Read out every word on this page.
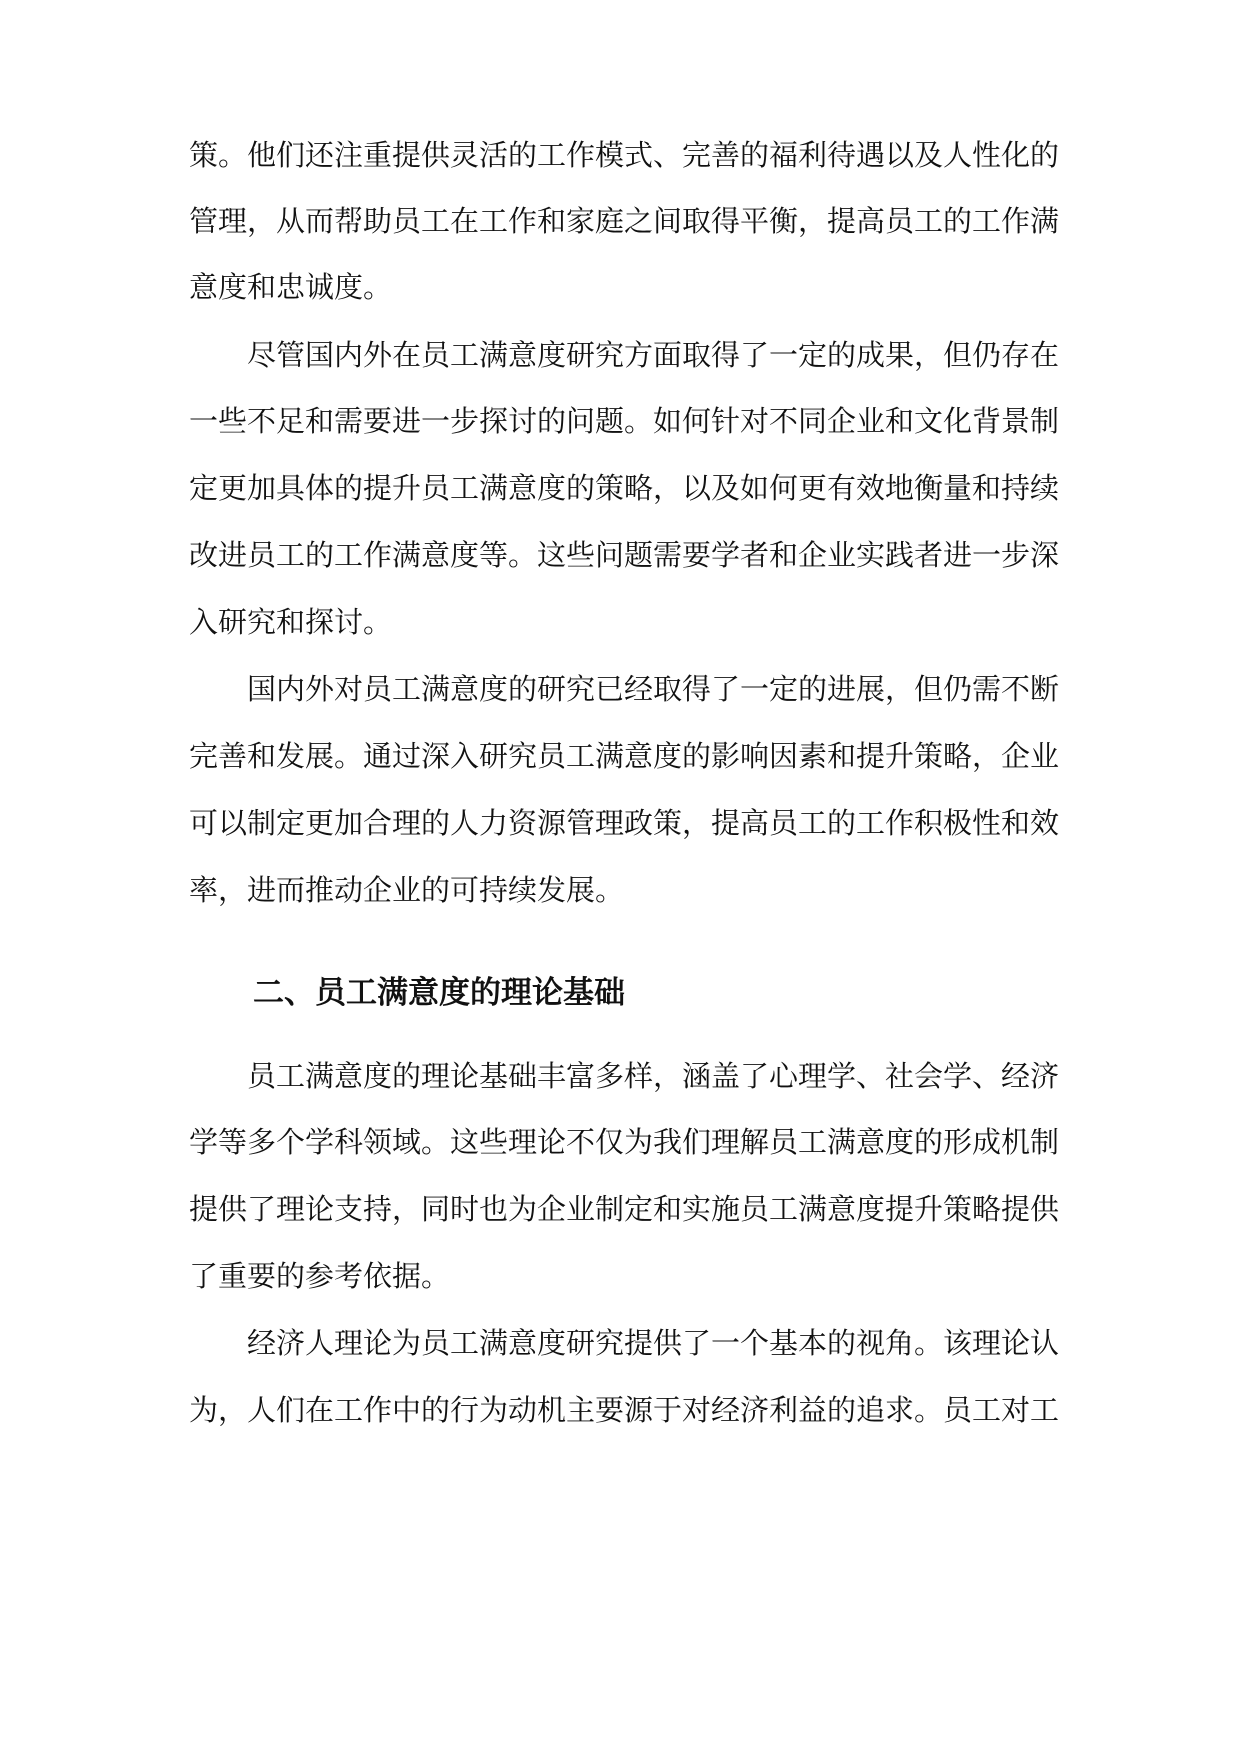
策。他们还注重提供灵活的工作模式、完善的福利待遇以及人性化的
管理，从而帮助员工在工作和家庭之间取得平衡，提高员工的工作满
意度和忠诚度。
尽管国内外在员工满意度研究方面取得了一定的成果，但仍存在
一些不足和需要进一步探讨的问题。如何针对不同企业和文化背景制
定更加具体的提升员工满意度的策略，以及如何更有效地衡量和持续
改进员工的工作满意度等。这些问题需要学者和企业实践者进一步深
入研究和探讨。
国内外对员工满意度的研究已经取得了一定的进展，但仍需不断
完善和发展。通过深入研究员工满意度的影响因素和提升策略，企业
可以制定更加合理的人力资源管理政策，提高员工的工作积极性和效
率，进而推动企业的可持续发展。
二、员工满意度的理论基础
员工满意度的理论基础丰富多样，涵盖了心理学、社会学、经济
学等多个学科领域。这些理论不仅为我们理解员工满意度的形成机制
提供了理论支持，同时也为企业制定和实施员工满意度提升策略提供
了重要的参考依据。
经济人理论为员工满意度研究提供了一个基本的视角。该理论认
为，人们在工作中的行为动机主要源于对经济利益的追求。员工对工
